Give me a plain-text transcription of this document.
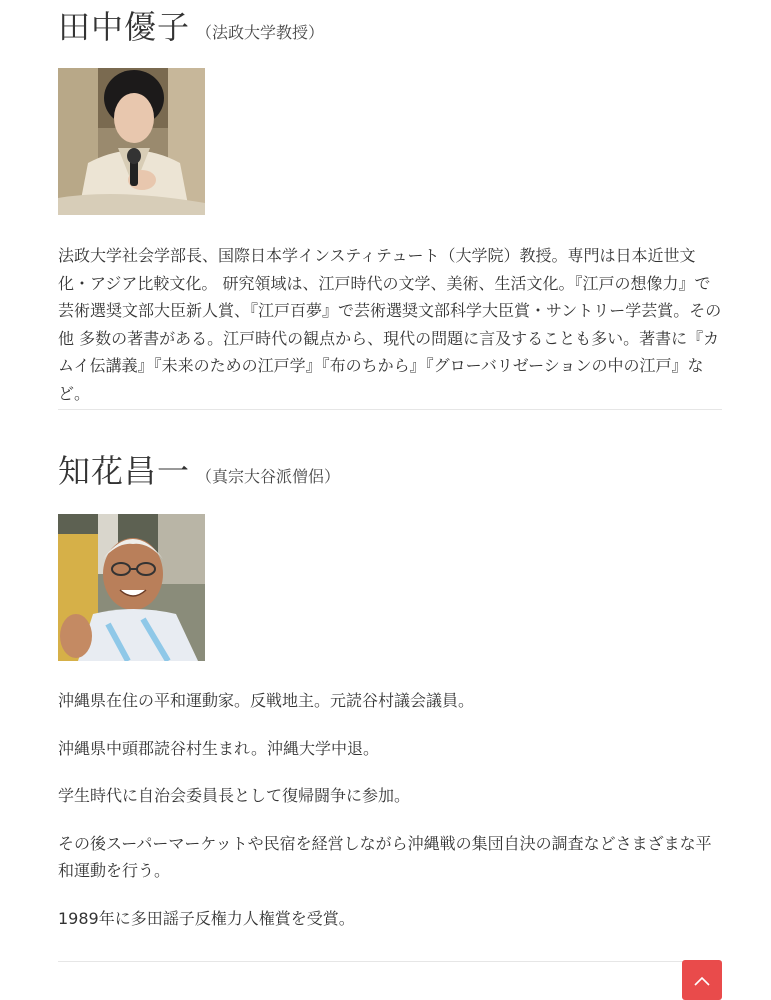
田中優子 （法政大学教授）

法政大学社会学部長、国際日本学インスティテュート（大学院）教授。専門は日本近世文化・アジア比較文化。 研究領域は、江戸時代の文学、美術、生活文化。『江戸の想像力』で芸術選奨文部大臣新人賞、『江戸百夢』で芸術選奨文部科学大臣賞・サントリー学芸賞。その他 多数の著書がある。江戸時代の観点から、現代の問題に言及することも多い。著書に『カムイ伝講義』『未来のための江戸学』『布のちから』『グローバリゼーションの中の江戸』など。

知花昌一 （真宗大谷派僧侶）

沖縄県在住の平和運動家。反戦地主。元読谷村議会議員。

沖縄県中頭郡読谷村生まれ。沖縄大学中退。

学生時代に自治会委員長として復帰闘争に参加。

その後スーパーマーケットや民宿を経営しながら沖縄戦の集団自決の調査などさまざまな平和運動を行う。

1989年に多田謡子反権力人権賞を受賞。
